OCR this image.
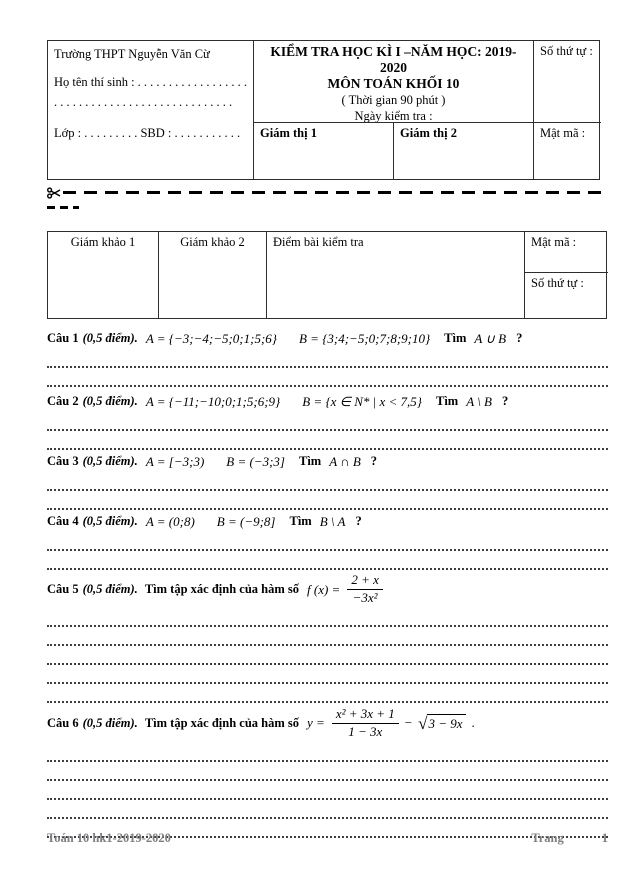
Trường THPT Nguyễn Văn Cừ

Họ tên thí sinh : . . . . . . . . . . . . . . . . . .

. . . . . . . . . . . . . . . . . . . . . . . . . . . . .

Lớp : . . . . . . . . . SBD : . . . . . . . . . . .

KIỂM TRA HỌC KÌ I –NĂM HỌC: 2019-2020
MÔN TOÁN KHỐI 10
( Thời gian 90 phút )
Ngày kiểm tra :
Số thứ tự :
Giám thị 1	Giám thị 2	Mật mã :
Giám khảo 1	Giám khảo 2	Điểm bài kiểm tra	Mật mã :
Số thứ tự :
Câu 1 (0,5 điểm). A = {−3;−4;−5;0;1;5;6} B = {3;4;−5;0;7;8;9;10} Tìm A ∪ B ?
Câu 2 (0,5 điểm). A = {−11;−10;0;1;5;6;9} B = {x ∈ N* | x < 7,5} Tìm A \ B ?
Câu 3 (0,5 điểm). A = [−3;3) B = (−3;3] Tìm A ∩ B ?
Câu 4 (0,5 điểm). A = (0;8) B = (−9;8] Tìm B \ A ?
Câu 5 (0,5 điểm). Tìm tập xác định của hàm số f $(x) = \frac{2 + x}{\text{−3x²}}$
Câu 6 (0,5 điểm). Tìm tập xác định của hàm số $y = \frac{\text{x² + 3x + 1}}{1 - 3x}$ − √ 3 − 9x .
Toán 10 hk1-2019-2020	Trang	1
